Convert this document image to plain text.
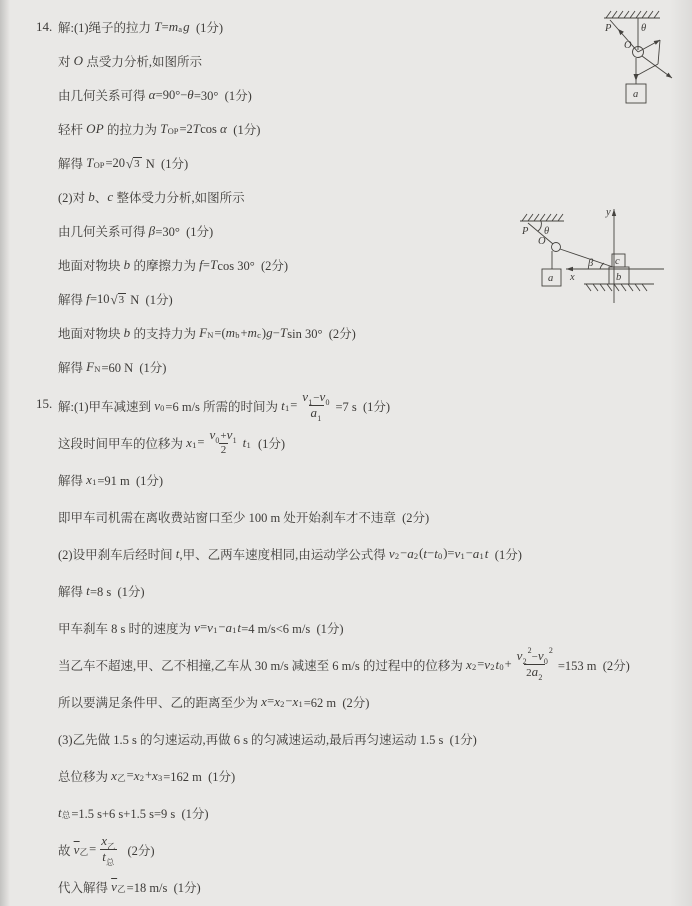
14. 解:(1)绳子的拉力 $T = m_a$ g (1分)
对 O 点受力分析,如图所示
由几何关系可得 α =90°− θ =30°  (1分)
轻杆 OP 的拉力为 $T_{OP} =2$ T cos α (1分)
解得 $T_{OP} =20$ √ 3 N  (1分)
(2)对 b 、 c 整体受力分析,如图所示
由几何关系可得 β =30°  (1分)
地面对物块 b 的摩擦力为 f = T cos 30°  (2分)
解得 f =10 √ 3 N  (1分)
地面对物块 b 的支持力为 $F_N$ =( $m_b + m_c$ ) g − T sin 30°  (2分)
解得 $F_N =60$ N  (1分)
15. 解:(1)甲车减速到 $v_0 =6$ m/s 所需的时间为 $t_1 = \frac{v_1-v_0}{a_1} =7$ s  (1分)
这段时间甲车的位移为 $x_1 = \frac{v_0+v_1}{2} t_1$ (1分)
解得 $x_1 =91$ m  (1分)
即甲车司机需在离收费站窗口至少 100 m 处开始刹车才不违章  (2分)
(2)设甲刹车后经时间 t ,甲、乙两车速度相同,由运动学公式得 $v_2 - a_2$ ( $t - t_0$ )= $v_1 - a_1$ t (1分)
解得 t =8 s  (1分)
甲车刹车 8 s 时的速度为 $v = v_1 - a_1$ t =4 m/s<6 m/s  (1分)
当乙车不超速,甲、乙不相撞,乙车从 30 m/s 减速至 6 m/s 的过程中的位移为 $x_2 = v_2$ $t_0 + \frac{v_2^2-v_0^2}{2a_2} =153$ m  (2分)
所以要满足条件甲、乙的距离至少为 $x = x_2 - x_1 =62$ m  (2分)
(3)乙先做 1.5 s 的匀速运动,再做 6 s 的匀减速运动,最后再匀速运动 1.5 s  (1分)
总位移为 $x_乙 = x_2 + x_3 =162$ m  (1分)
$t_总 =1.5$ s+6 s+1.5 s=9 s  (1分)
故 $\overline{v}_乙 = \frac{x_乙}{t_总} (2$分)
代入解得 $\overline{v}_乙 =18$ m/s  (1分)
P	θ
O
a
P θ
O
a
β
x
y
c
b
